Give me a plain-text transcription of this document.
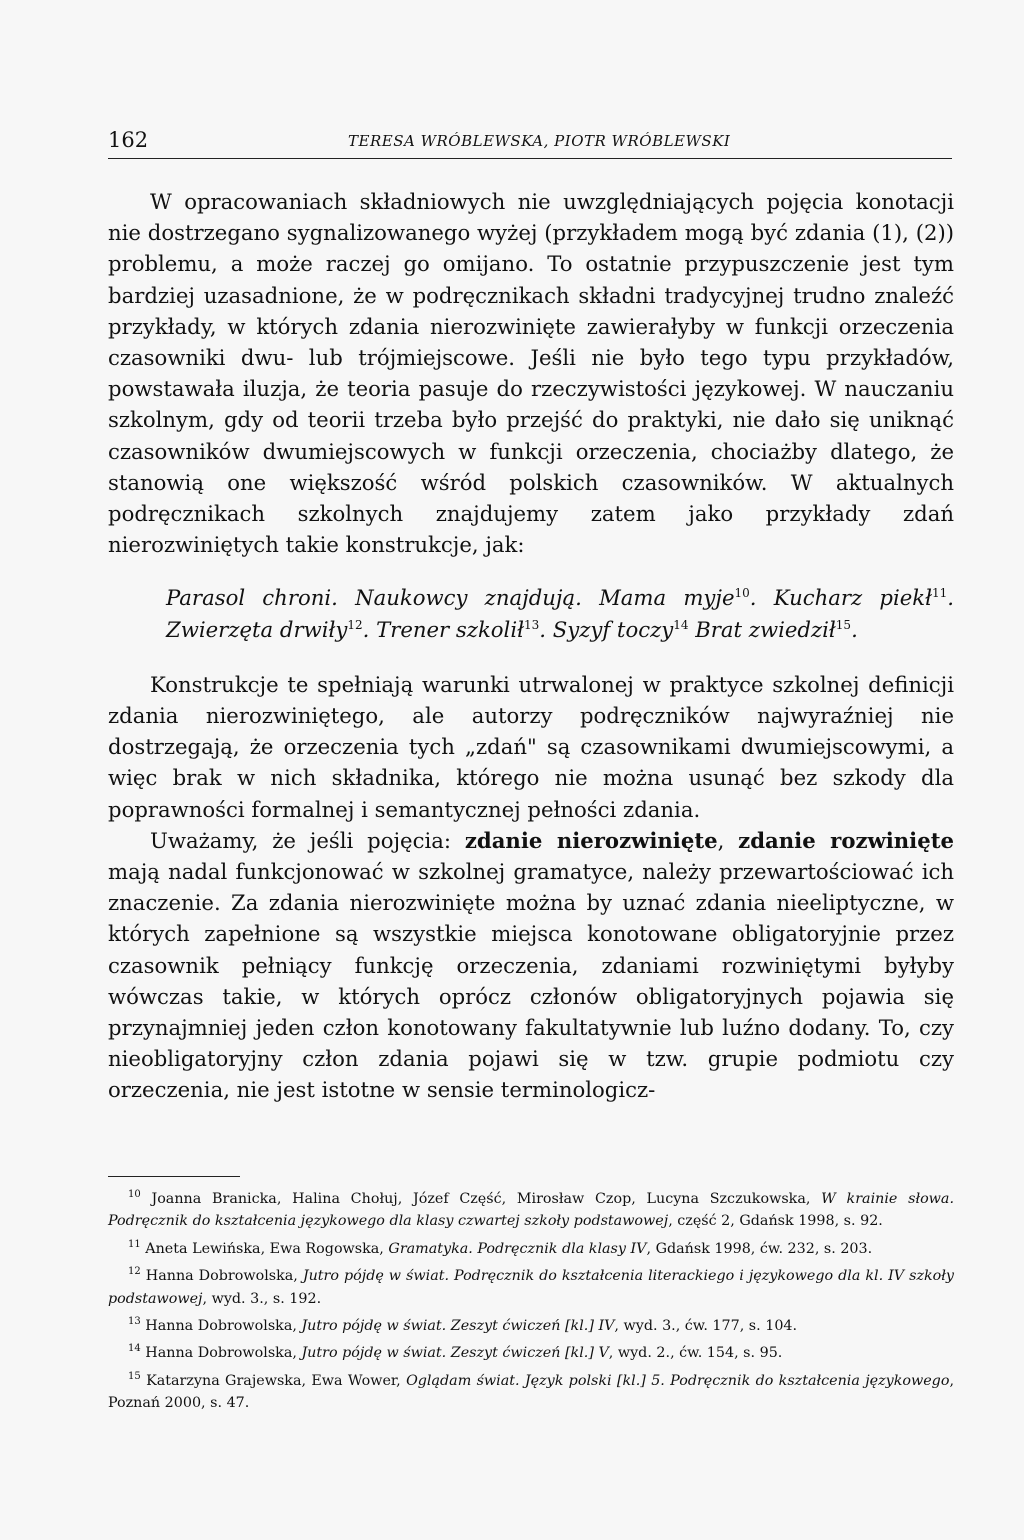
162	TERESA WRÓBLEWSKA, PIOTR WRÓBLEWSKI

W opracowaniach składniowych nie uwzględniających pojęcia konotacji nie dostrzegano sygnalizowanego wyżej (przykładem mogą być zdania (1), (2)) problemu, a może raczej go omijano. To ostatnie przypuszczenie jest tym bardziej uzasadnione, że w podręcznikach składni tradycyjnej trudno znaleźć przykłady, w których zdania nierozwinięte zawierałyby w funkcji orzeczenia czasowniki dwu- lub trójmiejscowe. Jeśli nie było tego typu przykładów, powstawała iluzja, że teoria pasuje do rzeczywistości językowej. W nauczaniu szkolnym, gdy od teorii trzeba było przejść do praktyki, nie dało się uniknąć czasowników dwumiejscowych w funkcji orzeczenia, chociażby dlatego, że stanowią one większość wśród polskich czasowników. W aktualnych podręcznikach szkolnych znajdujemy zatem jako przykłady zdań nierozwiniętych takie konstrukcje, jak:

Parasol chroni. Naukowcy znajdują. Mama myje$^{10}$. Kucharz piekł$^{11}$. Zwierzęta drwiły$^{12}$. Trener szkolił$^{13}$. Syzyf toczy$^{14}$ Brat zwiedził$^{15}$.

Konstrukcje te spełniają warunki utrwalonej w praktyce szkolnej definicji zdania nierozwiniętego, ale autorzy podręczników najwyraźniej nie dostrzegają, że orzeczenia tych „zdań" są czasownikami dwumiejscowymi, a więc brak w nich składnika, którego nie można usunąć bez szkody dla poprawności formalnej i semantycznej pełności zdania.

Uważamy, że jeśli pojęcia: zdanie nierozwinięte, zdanie rozwinięte mają nadal funkcjonować w szkolnej gramatyce, należy przewartościować ich znaczenie. Za zdania nierozwinięte można by uznać zdania nieeliptyczne, w których zapełnione są wszystkie miejsca konotowane obligatoryjnie przez czasownik pełniący funkcję orzeczenia, zdaniami rozwiniętymi byłyby wówczas takie, w których oprócz członów obligatoryjnych pojawia się przynajmniej jeden człon konotowany fakultatywnie lub luźno dodany. To, czy nieobligatoryjny człon zdania pojawi się w tzw. grupie podmiotu czy orzeczenia, nie jest istotne w sensie terminologicz-

$^{10}$ Joanna Branicka, Halina Chołuj, Józef Część, Mirosław Czop, Lucyna Szczukowska, W krainie słowa. Podręcznik do kształcenia językowego dla klasy czwartej szkoły podstawowej, część 2, Gdańsk 1998, s. 92.

$^{11}$ Aneta Lewińska, Ewa Rogowska, Gramatyka. Podręcznik dla klasy IV, Gdańsk 1998, ćw. 232, s. 203.

$^{12}$ Hanna Dobrowolska, Jutro pójdę w świat. Podręcznik do kształcenia literackiego i językowego dla kl. IV szkoły podstawowej, wyd. 3., s. 192.

$^{13}$ Hanna Dobrowolska, Jutro pójdę w świat. Zeszyt ćwiczeń [kl.] IV, wyd. 3., ćw. 177, s. 104.

$^{14}$ Hanna Dobrowolska, Jutro pójdę w świat. Zeszyt ćwiczeń [kl.] V, wyd. 2., ćw. 154, s. 95.

$^{15}$ Katarzyna Grajewska, Ewa Wower, Oglądam świat. Język polski [kl.] 5. Podręcznik do kształcenia językowego, Poznań 2000, s. 47.
